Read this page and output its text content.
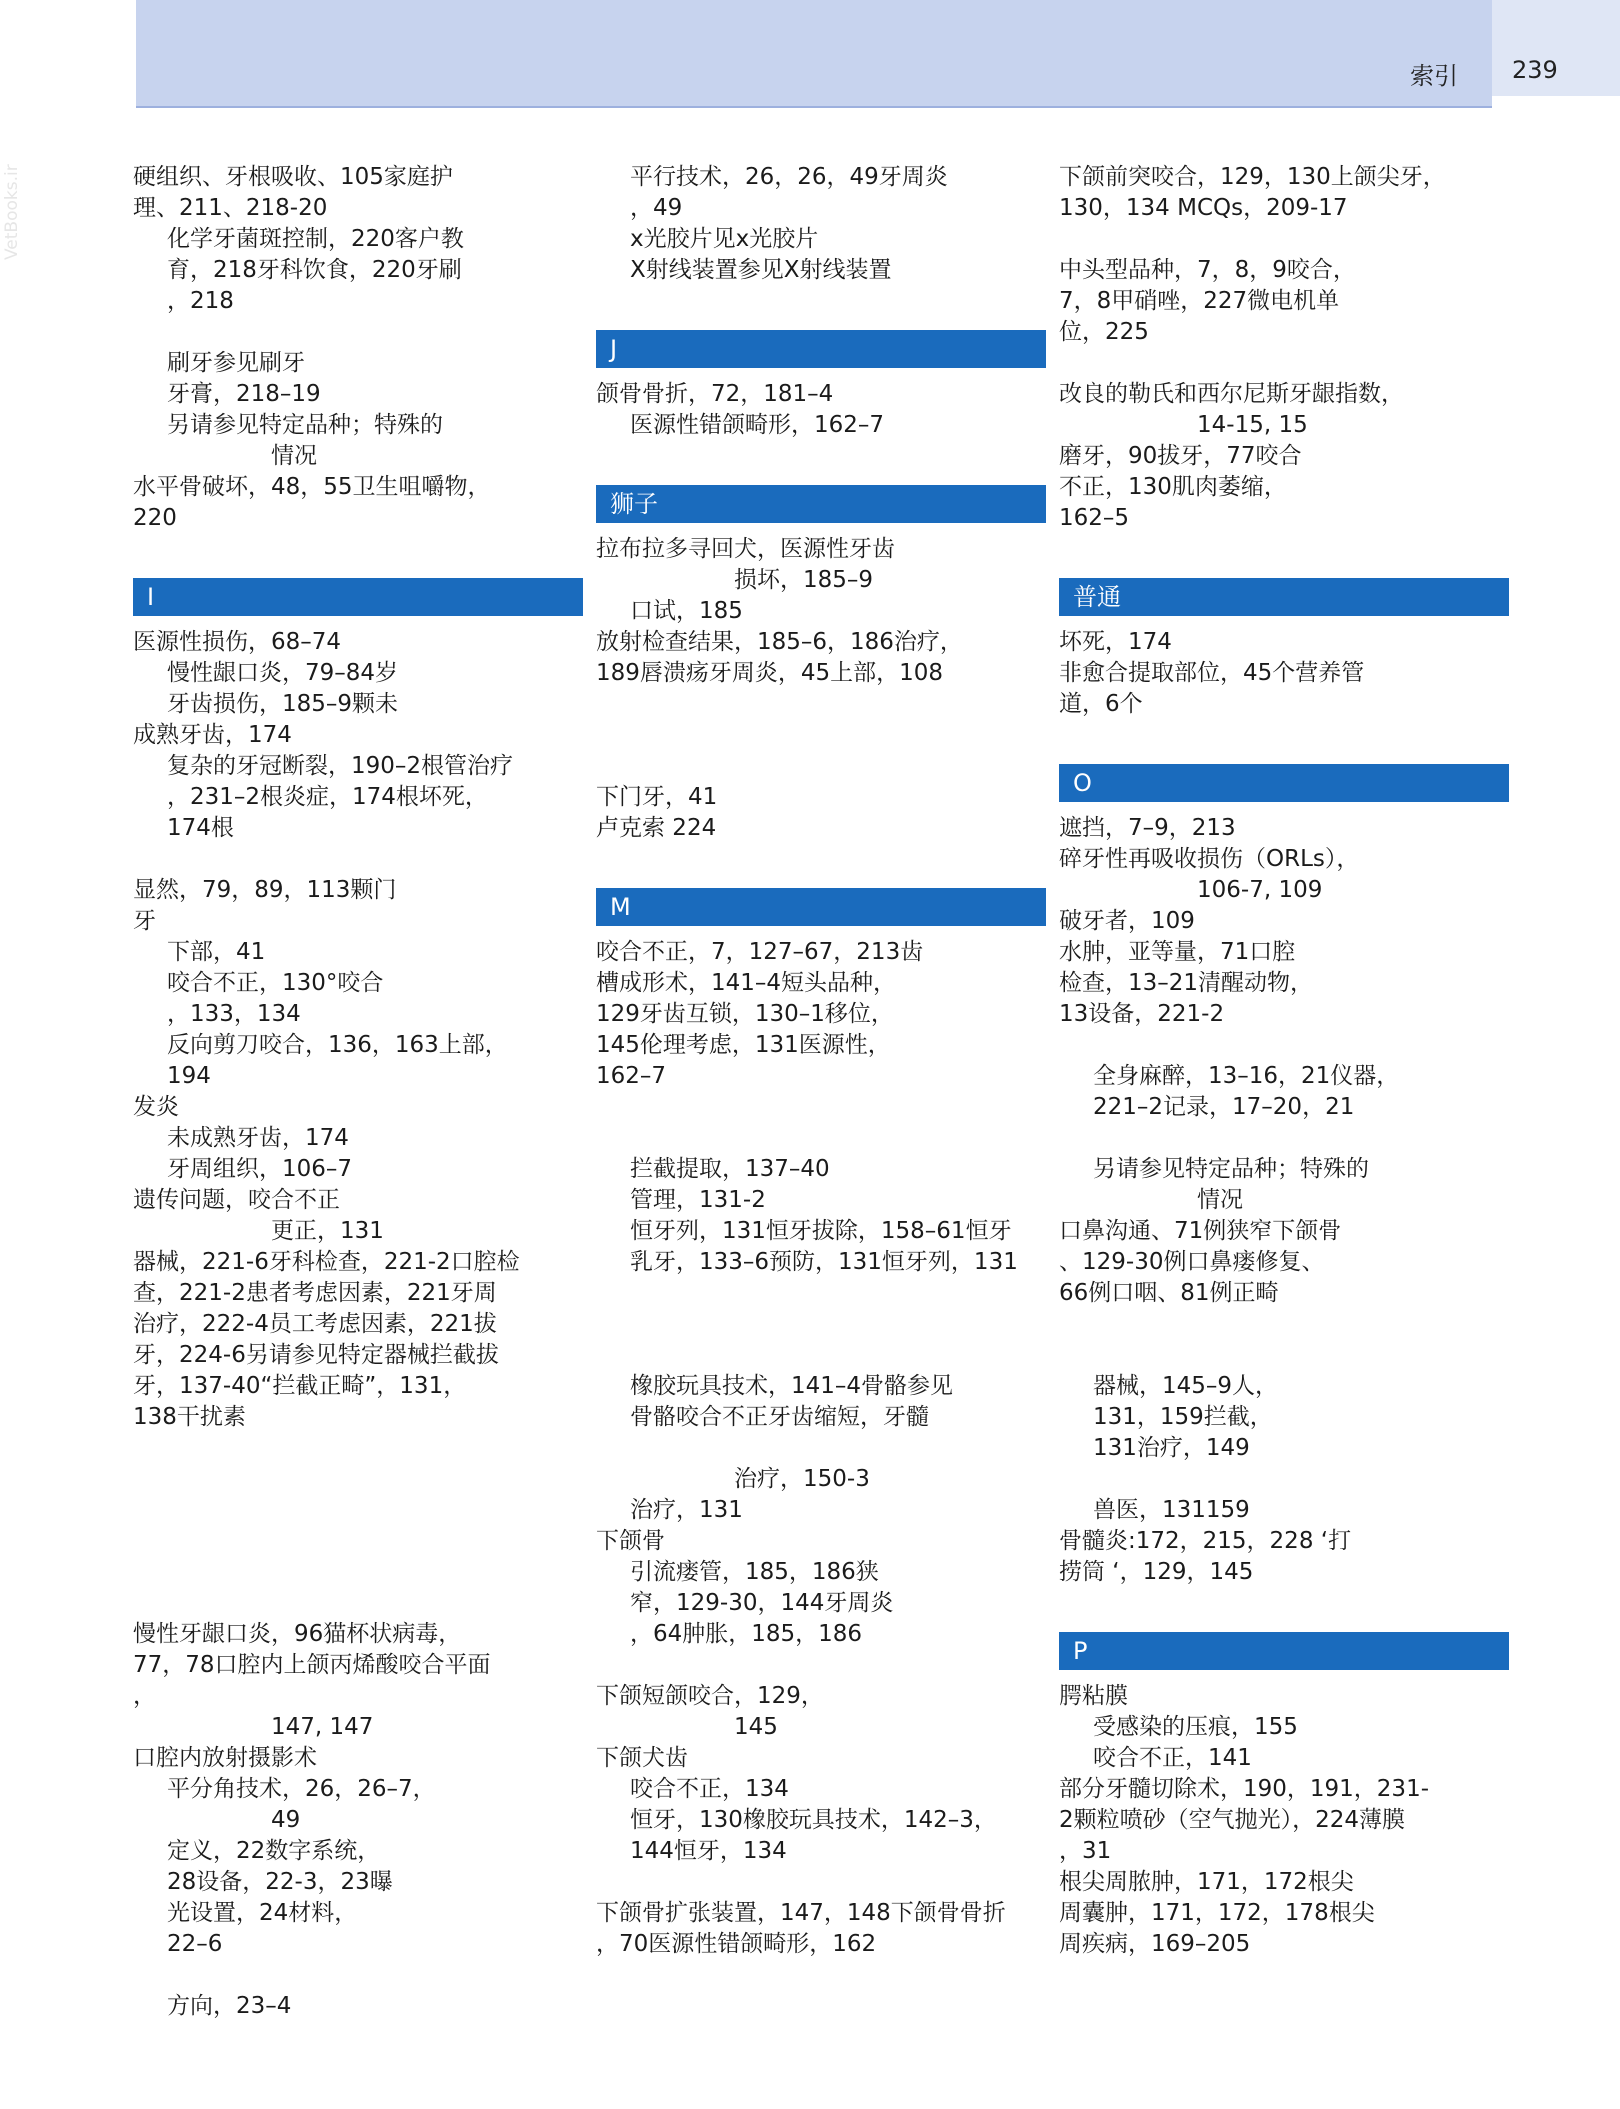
索引 239
VetBooks.ir	硬组织、牙根吸收、105家庭护
理、211、218-20
化学牙菌斑控制，220客户教
育，218牙科饮食，220牙刷
，218
刷牙参见刷牙
牙膏，218–19
另请参见特定品种；特殊的
情况
水平骨破坏，48，55卫生咀嚼物，
220
I
医源性损伤，68–74
慢性龈口炎，79–84岁
牙齿损伤，185–9颗未
成熟牙齿，174
复杂的牙冠断裂，190–2根管治疗
，231–2根炎症，174根坏死，
174根
显然，79，89，113颗门
牙
下部，41
咬合不正，130°咬合
，133，134
反向剪刀咬合，136，163上部，
194
发炎
未成熟牙齿，174
牙周组织，106–7
遗传问题，咬合不正
更正，131
器械，221-6牙科检查，221-2口腔检
查，221-2患者考虑因素，221牙周
治疗，222-4员工考虑因素，221拔
牙，224-6另请参见特定器械拦截拔
牙，137-40“拦截正畸”，131，
138干扰素
慢性牙龈口炎，96猫杯状病毒，
77，78口腔内上颌丙烯酸咬合平面
，
147, 147
口腔内放射摄影术
平分角技术，26，26–7，
49
定义，22数字系统，
28设备，22-3，23曝
光设置，24材料，
22–6
方向，23–4
平行技术，26，26，49牙周炎
，49
x光胶片见x光胶片
X射线装置参见X射线装置
J
颌骨骨折，72，181–4
医源性错颌畸形，162–7
狮子
拉布拉多寻回犬，医源性牙齿
损坏，185–9
口试，185
放射检查结果，185–6，186治疗，
189唇溃疡牙周炎，45上部，108
下门牙，41
卢克索 224
M
咬合不正，7，127–67，213齿
槽成形术，141–4短头品种，
129牙齿互锁，130–1移位，
145伦理考虑，131医源性，
162–7
拦截提取，137–40
管理，131-2
恒牙列，131恒牙拔除，158–61恒牙
乳牙，133–6预防，131恒牙列，131
橡胶玩具技术，141–4骨骼参见
骨骼咬合不正牙齿缩短，牙髓
治疗，150-3
治疗，131
下颌骨
引流瘘管，185，186狭
窄，129-30，144牙周炎
，64肿胀，185，186
下颌短颌咬合，129，
145
下颌犬齿
咬合不正，134
恒牙，130橡胶玩具技术，142–3，
144恒牙，134
下颌骨扩张装置，147，148下颌骨骨折
，70医源性错颌畸形，162
下颌前突咬合，129，130上颌尖牙，
130，134 MCQs，209-17
中头型品种，7，8，9咬合，
7，8甲硝唑，227微电机单
位，225
改良的勒氏和西尔尼斯牙龈指数，
14-15, 15
磨牙，90拔牙，77咬合
不正，130肌肉萎缩，
162–5
普通
坏死，174
非愈合提取部位，45个营养管
道，6个
O
遮挡，7–9，213
碎牙性再吸收损伤（ORLs），
106-7, 109
破牙者，109
水肿，亚等量，71口腔
检查，13–21清醒动物，
13设备，221-2
全身麻醉，13–16，21仪器，
221–2记录，17–20，21
另请参见特定品种；特殊的
情况
口鼻沟通、71例狭窄下颌骨
、129-30例口鼻瘘修复、
66例口咽、81例正畸
器械，145–9人，
131，159拦截，
131治疗，149
兽医，131159
骨髓炎:172，215，228 ‘打
捞筒 ‘，129，145
P
腭粘膜
受感染的压痕，155
咬合不正，141
部分牙髓切除术，190，191，231-
2颗粒喷砂（空气抛光），224薄膜
，31
根尖周脓肿，171，172根尖
周囊肿，171，172，178根尖
周疾病，169–205
